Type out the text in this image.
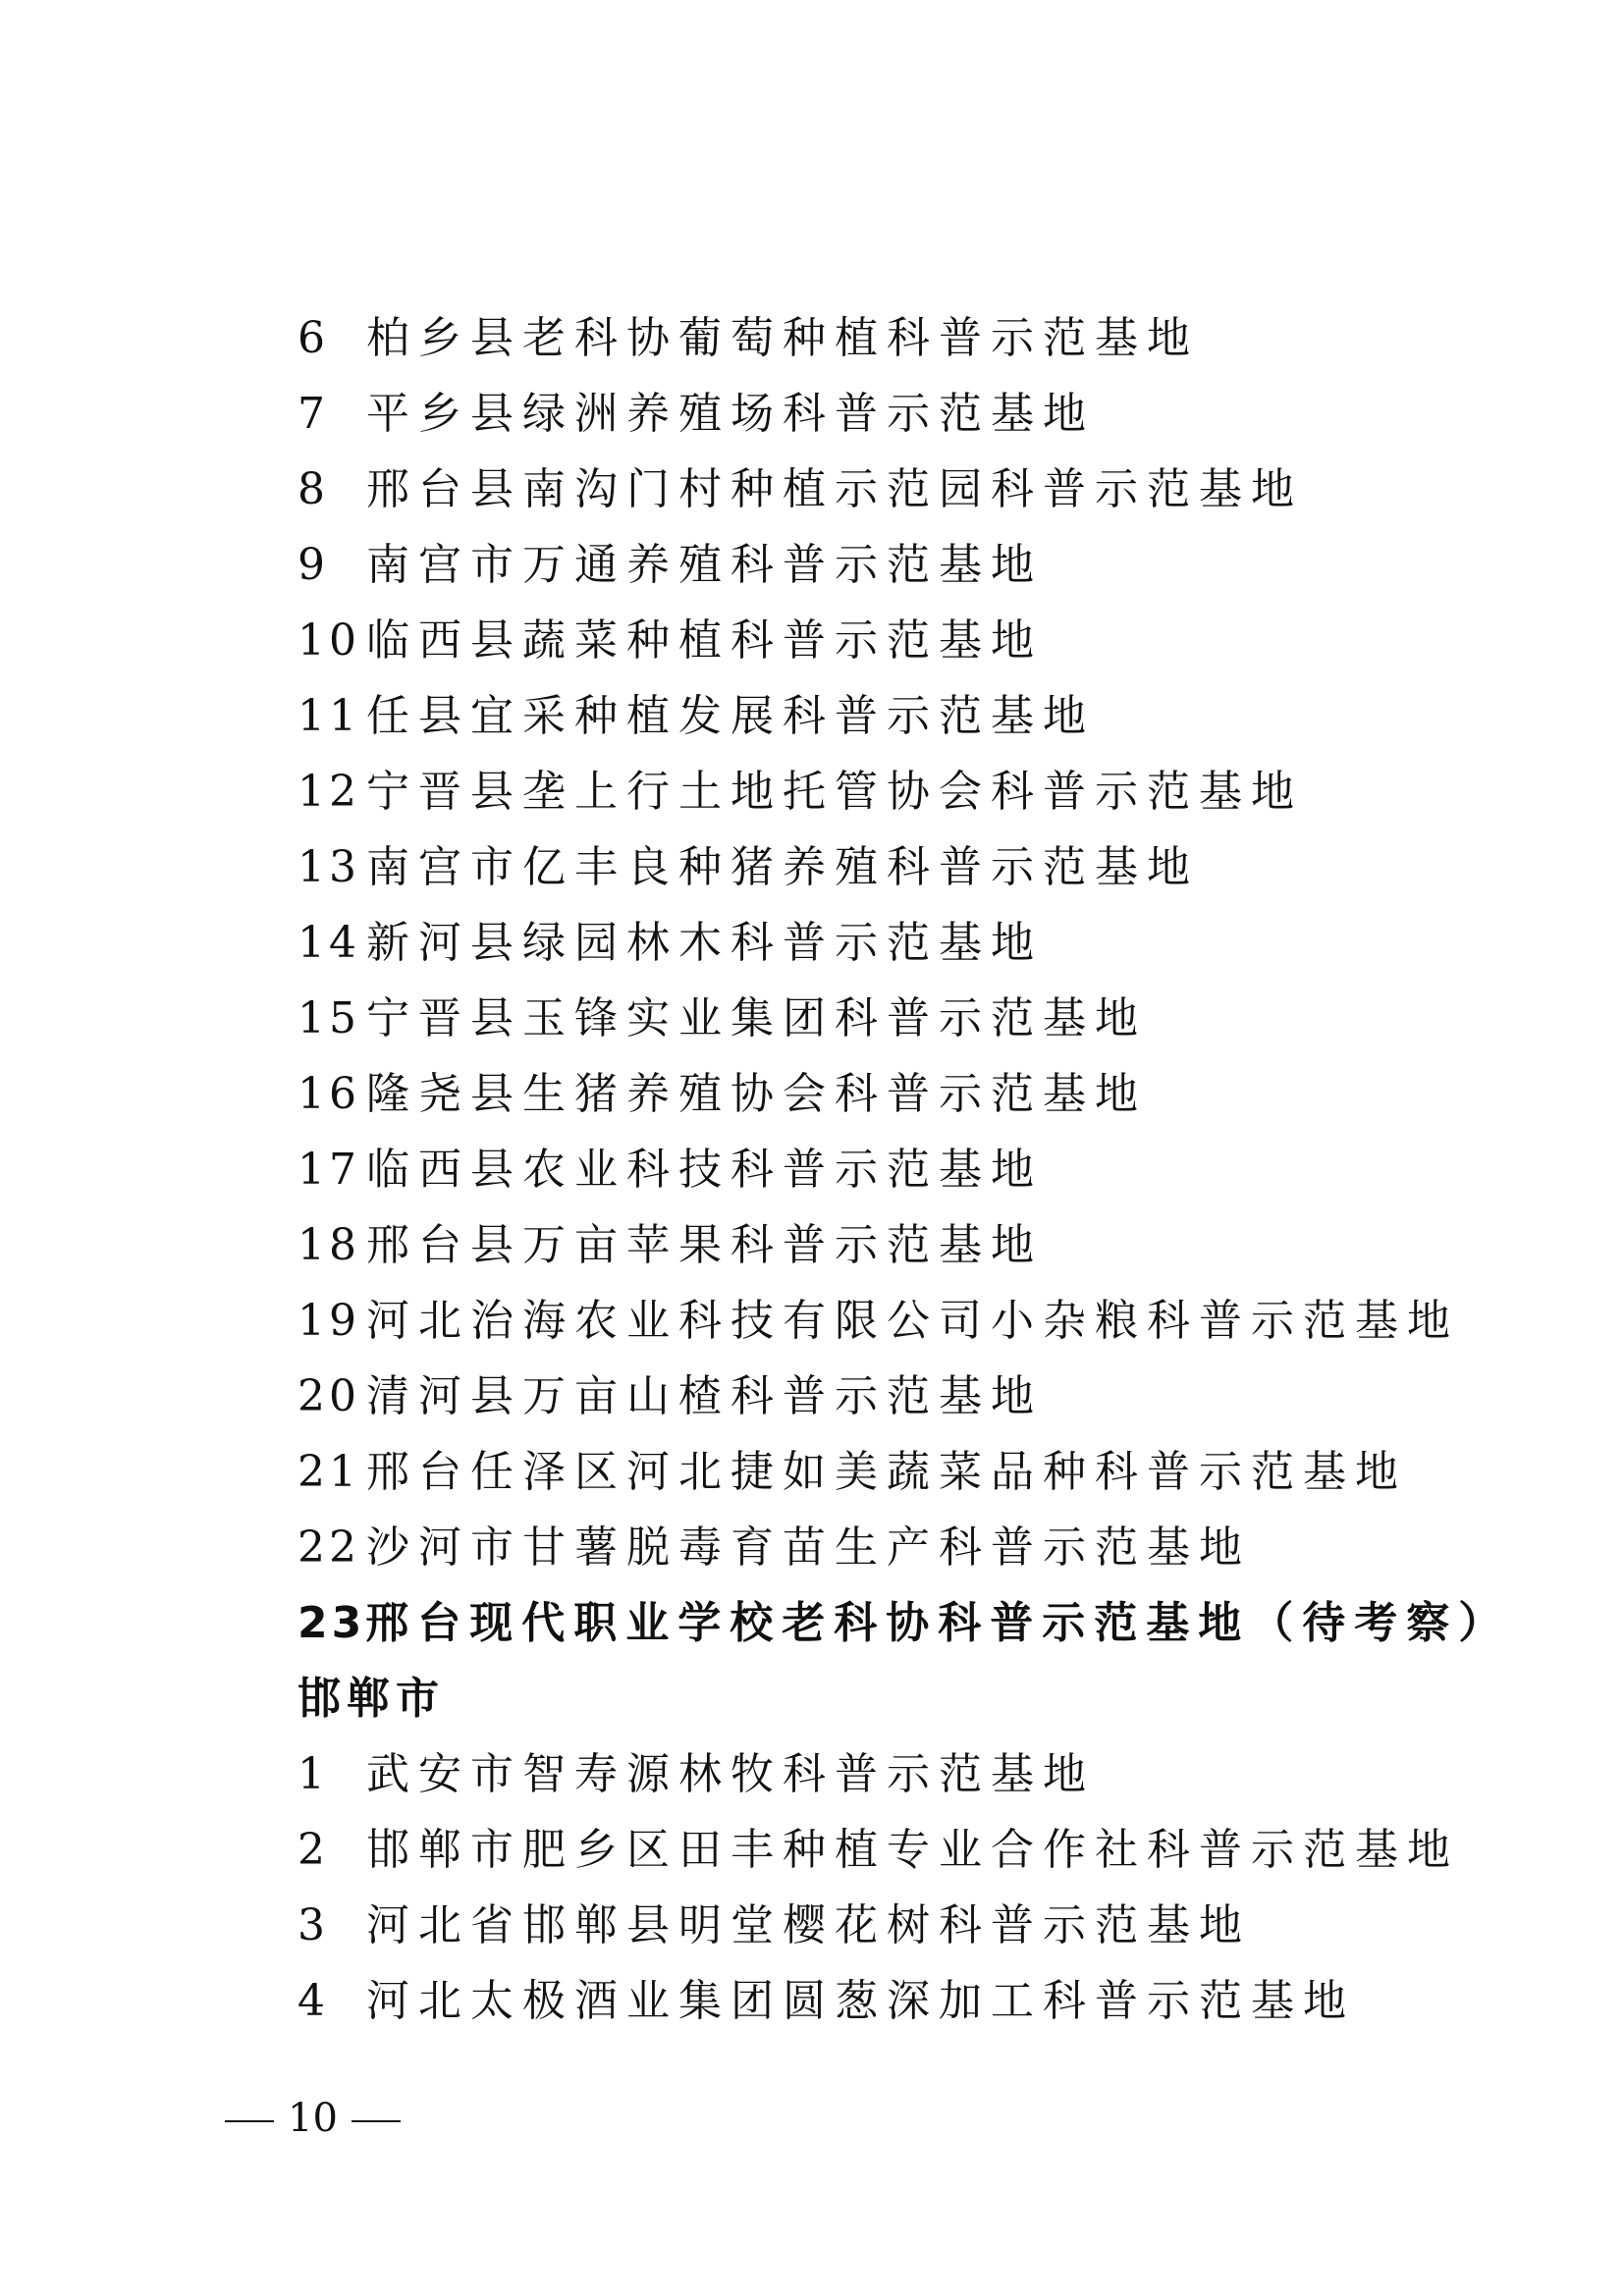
6 柏乡县老科协葡萄种植科普示范基地
7 平乡县绿洲养殖场科普示范基地
8 邢台县南沟门村种植示范园科普示范基地
9 南宫市万通养殖科普示范基地
10 临西县蔬菜种植科普示范基地
11 任县宜采种植发展科普示范基地
12 宁晋县垄上行土地托管协会科普示范基地
13 南宫市亿丰良种猪养殖科普示范基地
14 新河县绿园林木科普示范基地
15 宁晋县玉锋实业集团科普示范基地
16 隆尧县生猪养殖协会科普示范基地
17 临西县农业科技科普示范基地
18 邢台县万亩苹果科普示范基地
19 河北治海农业科技有限公司小杂粮科普示范基地
20 清河县万亩山楂科普示范基地
21 邢台任泽区河北捷如美蔬菜品种科普示范基地
22 沙河市甘薯脱毒育苗生产科普示范基地
23 邢台现代职业学校老科协科普示范基地（待考察）
邯郸市
1 武安市智寿源林牧科普示范基地
2 邯郸市肥乡区田丰种植专业合作社科普示范基地
3 河北省邯郸县明堂樱花树科普示范基地
4 河北太极酒业集团圆葱深加工科普示范基地
10
